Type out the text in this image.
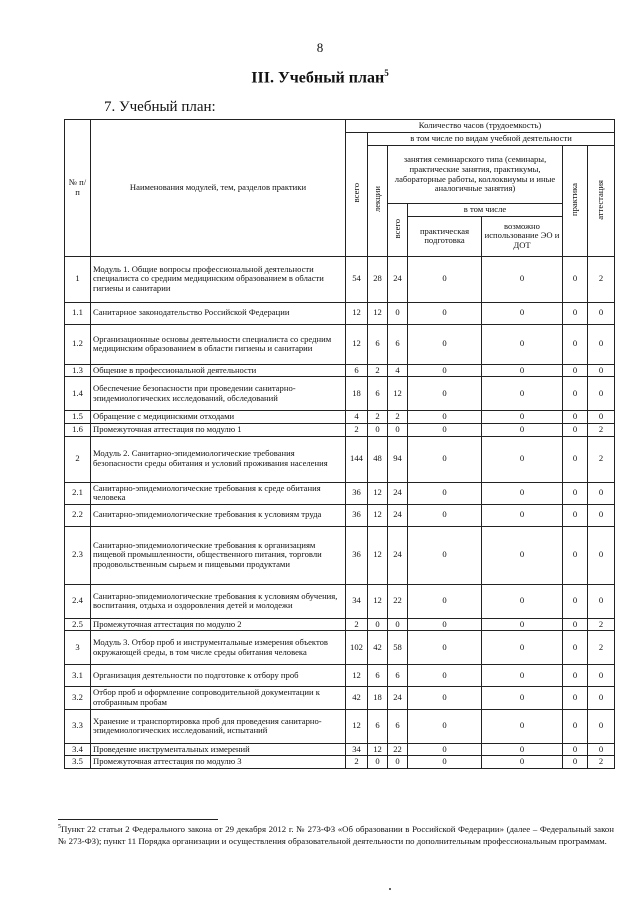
8
III. Учебный план$^5$
7. Учебный план:
№ п/п	Наименования модулей, тем, разделов практики	Количество часов (трудоемкость)						
		всего	в том числе по видам учебной деятельности					
			лекции	занятия семинарского типа (семинары, практические занятия, практикумы, лабораторные работы, коллоквиумы и иные аналогичные занятия)			практика	аттестация
				всего	в том числе			
					практическая подготовка	возможно использование ЭО и ДОТ		
1	Модуль 1. Общие вопросы профессиональной деятельности специалиста со средним медицинским образованием в области гигиены и санитарии	54	28	24	0	0	0	2
1.1	Санитарное законодательство Российской Федерации	12	12	0	0	0	0	0
1.2	Организационные основы деятельности специалиста со средним медицинским образованием в области гигиены и санитарии	12	6	6	0	0	0	0
1.3	Общение в профессиональной деятельности	6	2	4	0	0	0	0
1.4	Обеспечение безопасности при проведении санитарно-эпидемиологических исследований, обследований	18	6	12	0	0	0	0
1.5	Обращение с медицинскими отходами	4	2	2	0	0	0	0
1.6	Промежуточная аттестация по модулю 1	2	0	0	0	0	0	2
2	Модуль 2. Санитарно-эпидемиологические требования безопасности среды обитания и условий проживания населения	144	48	94	0	0	0	2
2.1	Санитарно-эпидемиологические требования к среде обитания человека	36	12	24	0	0	0	0
2.2	Санитарно-эпидемиологические требования к условиям труда	36	12	24	0	0	0	0
2.3	Санитарно-эпидемиологические требования к организациям пищевой промышленности, общественного питания, торговли продовольственным сырьем и пищевыми продуктами	36	12	24	0	0	0	0
2.4	Санитарно-эпидемиологические требования к условиям обучения, воспитания, отдыха и оздоровления детей и молодежи	34	12	22	0	0	0	0
2.5	Промежуточная аттестация по модулю 2	2	0	0	0	0	0	2
3	Модуль 3. Отбор проб и инструментальные измерения объектов окружающей среды, в том числе среды обитания человека	102	42	58	0	0	0	2
3.1	Организация деятельности по подготовке к отбору проб	12	6	6	0	0	0	0
3.2	Отбор проб и оформление сопроводительной документации к отобранным пробам	42	18	24	0	0	0	0
3.3	Хранение и транспортировка проб для проведения санитарно- эпидемиологических исследований, испытаний	12	6	6	0	0	0	0
3.4	Проведение инструментальных измерений	34	12	22	0	0	0	0
3.5	Промежуточная аттестация по модулю 3	2	0	0	0	0	0	2
$^5$Пункт 22 статьи 2 Федерального закона от 29 декабря 2012 г. № 273-ФЗ «Об образовании в Российской Федерации» (далее – Федеральный закон № 273-ФЗ); пункт 11 Порядка организации и осуществления образовательной деятельности по дополнительным профессиональным программам.
